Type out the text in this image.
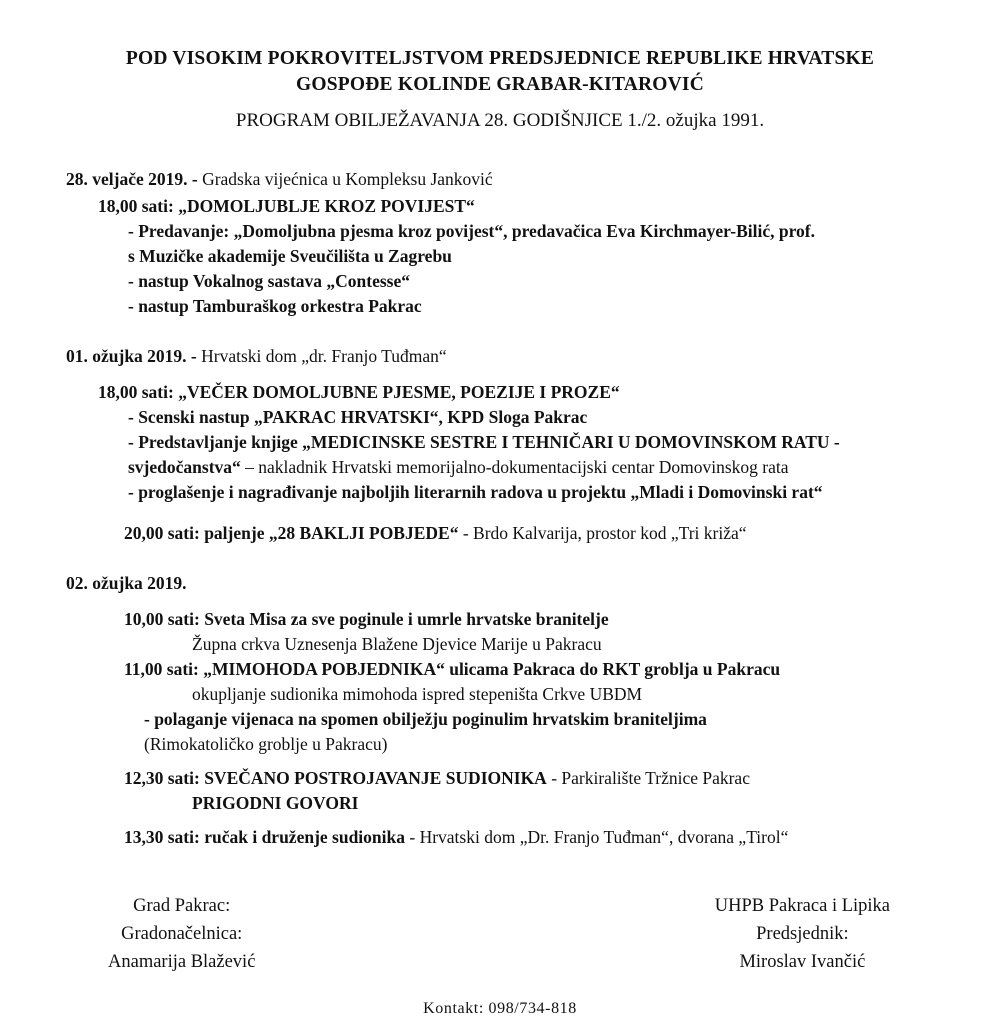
POD VISOKIM POKROVITELJSTVOM PREDSJEDNICE REPUBLIKE HRVATSKE
GOSPOĐE KOLINDE GRABAR-KITAROVIĆ
PROGRAM OBILJEŽAVANJA 28. GODIŠNJICE 1./2. ožujka 1991.
28. veljače 2019. - Gradska vijećnica u Kompleksu Janković
18,00 sati: „DOMOLJUBLJE KROZ POVIJEST“
- Predavanje: „Domoljubna pjesma kroz povijest“, predavačica Eva Kirchmayer-Bilić, prof.
s Muzičke akademije Sveučilišta u Zagrebu
- nastup Vokalnog sastava „Contesse“
- nastup Tamburaškog orkestra Pakrac
01. ožujka 2019. - Hrvatski dom „dr. Franjo Tuđman“
18,00 sati: „VEČER DOMOLJUBNE PJESME, POEZIJE I PROZE“
- Scenski nastup „PAKRAC HRVATSKI“, KPD Sloga Pakrac
- Predstavljanje knjige „MEDICINSKE SESTRE I TEHNIČARI U DOMOVINSKOM RATU -
svjedočanstva“ – nakladnik Hrvatski memorijalno-dokumentacijski centar Domovinskog rata
- proglašenje i nagrađivanje najboljih literarnih radova u projektu „Mladi i Domovinski rat“
20,00 sati: paljenje „28 BAKLJI POBJEDE“ - Brdo Kalvarija, prostor kod „Tri križa“
02. ožujka 2019.
10,00 sati: Sveta Misa za sve poginule i umrle hrvatske branitelje
Župna crkva Uznesenja Blažene Djevice Marije u Pakracu
11,00 sati: „MIMOHODA POBJEDNIKA“ ulicama Pakraca do RKT groblja u Pakracu
okupljanje sudionika mimohoda ispred stepeništa Crkve UBDM
- polaganje vijenaca na spomen obilježju poginulim hrvatskim braniteljima
(Rimokatoličko groblje u Pakracu)
12,30 sati: SVEČANO POSTROJAVANJE SUDIONIKA - Parkiralište Tržnice Pakrac
PRIGODNI GOVORI
13,30 sati: ručak i druženje sudionika - Hrvatski dom „Dr. Franjo Tuđman“, dvorana „Tirol“
Grad Pakrac:
Gradonačelnica:
Anamarija Blažević
UHPB Pakraca i Lipika
Predsjednik:
Miroslav Ivančić
Kontakt: 098/734-818
